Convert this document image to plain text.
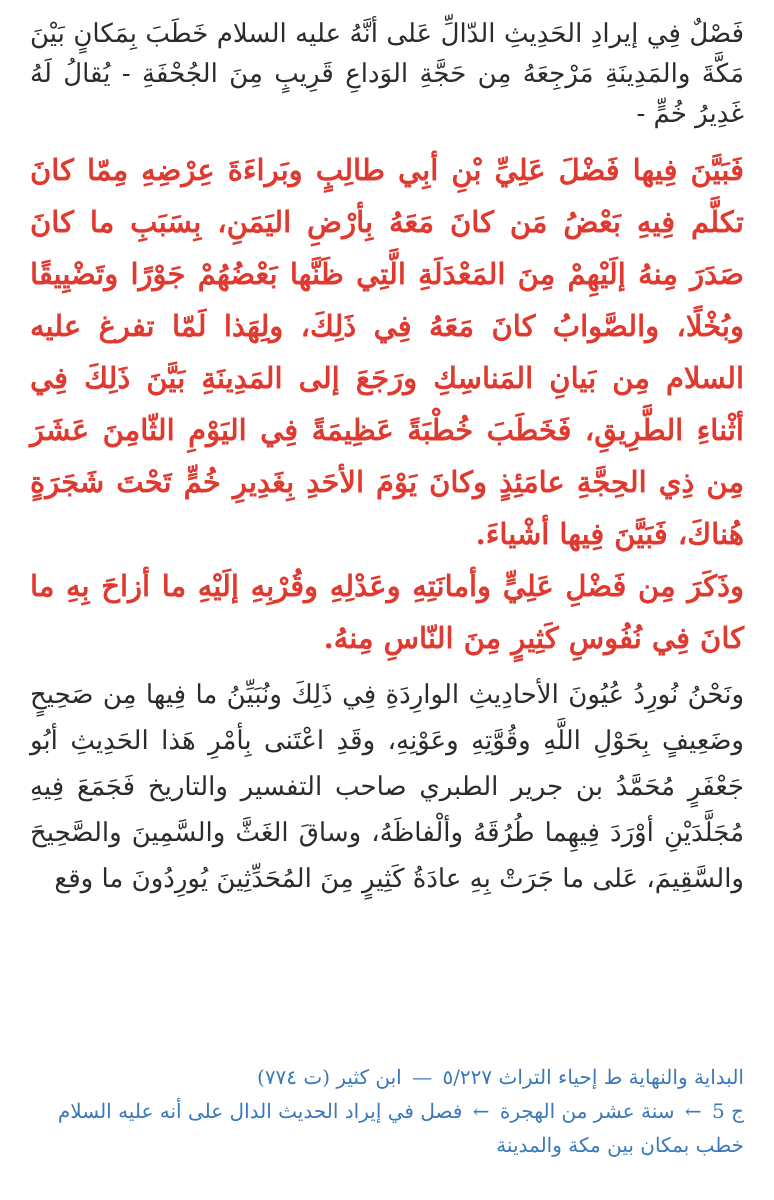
فَصْلٌ فِي إيرادِ الحَدِيثِ الدّالِّ عَلى أنَّهُ عليه السلام خَطَبَ بِمَكانٍ بَيْنَ مَكَّةَ والمَدِينَةِ مَرْجِعَهُ مِن حَجَّةِ الوَداعِ قَرِيبٍ مِنَ الجُحْفَةِ - يُقالُ لَهُ غَدِيرُ خُمٍّ -

فَبَيَّنَ فِيها فَضْلَ عَلِيِّ بْنِ أبِي طالِبٍ وبَراءَةَ عِرْضِهِ مِمّا كانَ تكلَّم فِيهِ بَعْضُ مَن كانَ مَعَهُ بِأرْضِ اليَمَنِ، بِسَبَبِ ما كانَ صَدَرَ مِنهُ إلَيْهِمْ مِنَ المَعْدَلَةِ الَّتِي ظَنَّها بَعْضُهُمْ جَوْرًا وتَضْيِيقًا وبُخْلًا، والصَّوابُ كانَ مَعَهُ فِي ذَلِكَ، ولِهَذا لَمّا تفرغ عليه السلام مِن بَيانِ المَناسِكِ ورَجَعَ إلى المَدِينَةِ بَيَّنَ ذَلِكَ فِي أثْناءِ الطَّرِيقِ، فَخَطَبَ خُطْبَةً عَظِيمَةً فِي اليَوْمِ الثّامِنَ عَشَرَ مِن ذِي الحِجَّةِ عامَئِذٍ وكانَ يَوْمَ الأحَدِ بِغَدِيرِ خُمٍّ تَحْتَ شَجَرَةٍ هُناكَ، فَبَيَّنَ فِيها أشْياءَ.

وذَكَرَ مِن فَضْلِ عَلِيٍّ وأمانَتِهِ وعَدْلِهِ وقُرْبِهِ إلَيْهِ ما أزاحَ بِهِ ما كانَ فِي نُفُوسِ كَثِيرٍ مِنَ النّاسِ مِنهُ.

ونَحْنُ نُورِدُ عُيُونَ الأحادِيثِ الوارِدَةِ فِي ذَلِكَ ونُبَيِّنُ ما فِيها مِن صَحِيحٍ وضَعِيفٍ بِحَوْلِ اللَّهِ وقُوَّتِهِ وعَوْنِهِ، وقَدِ اعْتَنى بِأمْرِ هَذا الحَدِيثِ أبُو جَعْفَرٍ مُحَمَّدُ بن جرير الطبري صاحب التفسير والتاريخ فَجَمَعَ فِيهِ مُجَلَّدَيْنِ أوْرَدَ فِيهِما طُرُقَهُ وألْفاظَهُ، وساقَ الغَثَّ والسَّمِينَ والصَّحِيحَ والسَّقِيمَ، عَلى ما جَرَتْ بِهِ عادَةُ كَثِيرٍ مِنَ المُحَدِّثِينَ يُورِدُونَ ما وقع

البداية والنهاية ط إحياء التراث ٥/٢٢٧ — ابن كثير (ت ٧٧٤)
ج 5 ← سنة عشر من الهجرة ← فصل في إيراد الحديث الدال على أنه عليه السلام خطب بمكان بين مكة والمدينة
